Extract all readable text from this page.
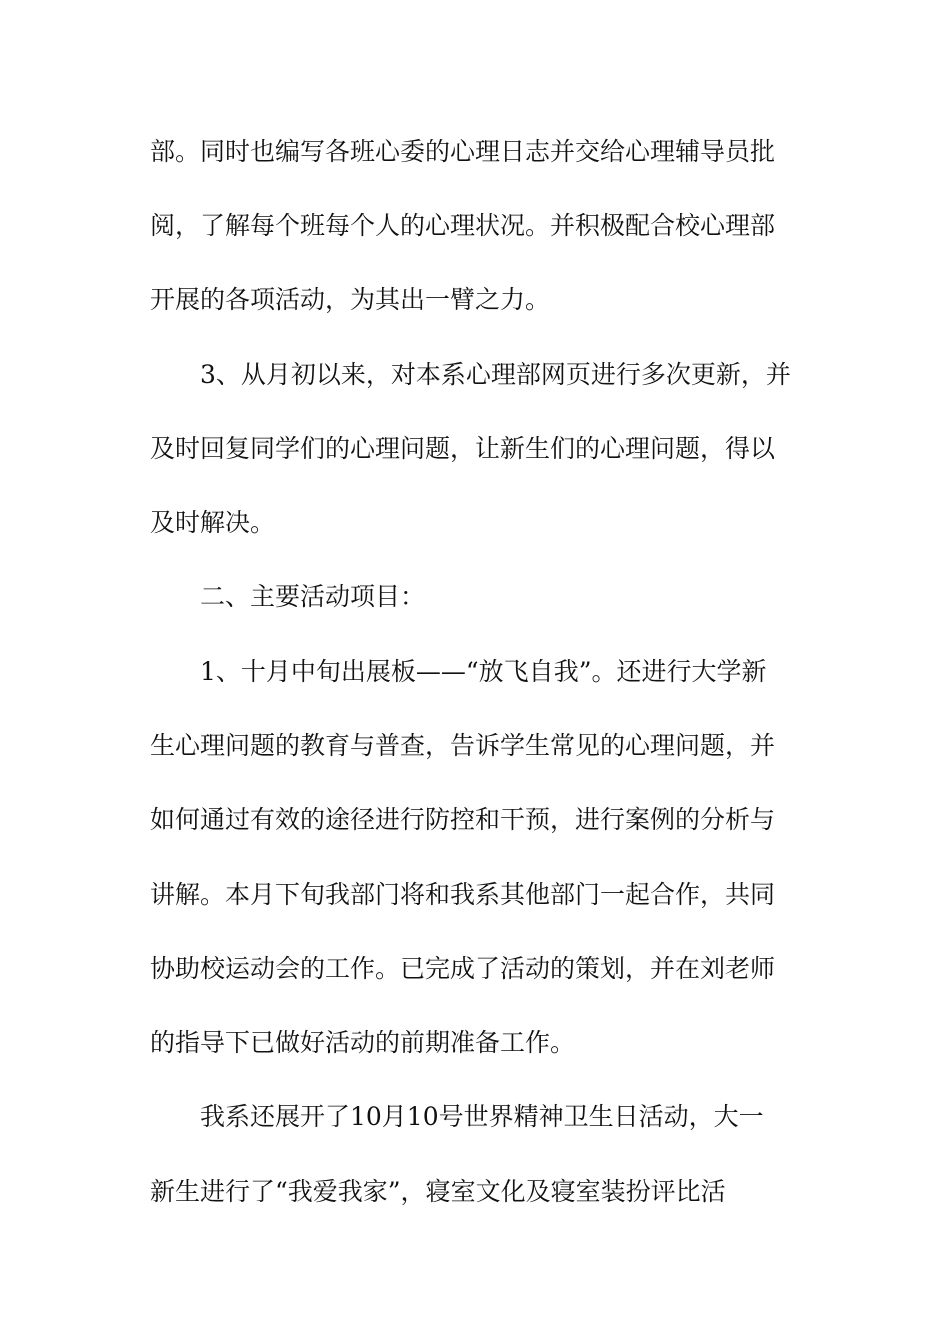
部。同时也编写各班心委的心理日志并交给心理辅导员批
阅，了解每个班每个人的心理状况。并积极配合校心理部
开展的各项活动，为其出一臂之力。
3、从月初以来，对本系心理部网页进行多次更新，并
及时回复同学们的心理问题，让新生们的心理问题，得以
及时解决。
二、主要活动项目：
1、十月中旬出展板——“放飞自我”。还进行大学新
生心理问题的教育与普查，告诉学生常见的心理问题，并
如何通过有效的途径进行防控和干预，进行案例的分析与
讲解。本月下旬我部门将和我系其他部门一起合作，共同
协助校运动会的工作。已完成了活动的策划，并在刘老师
的指导下已做好活动的前期准备工作。
我系还展开了10月10号世界精神卫生日活动，大一
新生进行了“我爱我家”，寝室文化及寝室装扮评比活
